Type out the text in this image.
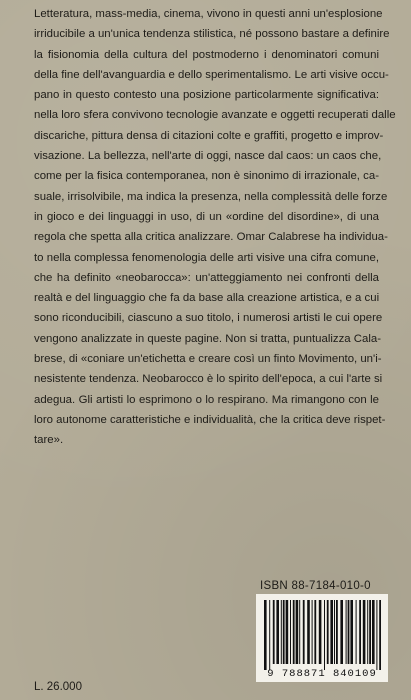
Letteratura, mass-media, cinema, vivono in questi anni un'esplosione
irriducibile a un'unica tendenza stilistica, né possono bastare a definire
la fisionomia della cultura del postmoderno i denominatori comuni
della fine dell'avanguardia e dello sperimentalismo. Le arti visive occu-
pano in questo contesto una posizione particolarmente significativa:
nella loro sfera convivono tecnologie avanzate e oggetti recuperati dalle
discariche, pittura densa di citazioni colte e graffiti, progetto e improv-
visazione. La bellezza, nell'arte di oggi, nasce dal caos: un caos che,
come per la fisica contemporanea, non è sinonimo di irrazionale, ca-
suale, irrisolvibile, ma indica la presenza, nella complessità delle forze
in gioco e dei linguaggi in uso, di un «ordine del disordine», di una
regola che spetta alla critica analizzare. Omar Calabrese ha individua-
to nella complessa fenomenologia delle arti visive una cifra comune,
che ha definito «neobarocca»: un'atteggiamento nei confronti della
realtà e del linguaggio che fa da base alla creazione artistica, e a cui
sono riconducibili, ciascuno a suo titolo, i numerosi artisti le cui opere
vengono analizzate in queste pagine. Non si tratta, puntualizza Cala-
brese, di «coniare un'etichetta e creare così un finto Movimento, un'i-
nesistente tendenza. Neobarocco è lo spirito dell'epoca, a cui l'arte si
adegua. Gli artisti lo esprimono o lo respirano. Ma rimangono con le
loro autonome caratteristiche e individualità, che la critica deve rispet-
tare».
ISBN 88-7184-010-0
9 788871 840109
L. 26.000
